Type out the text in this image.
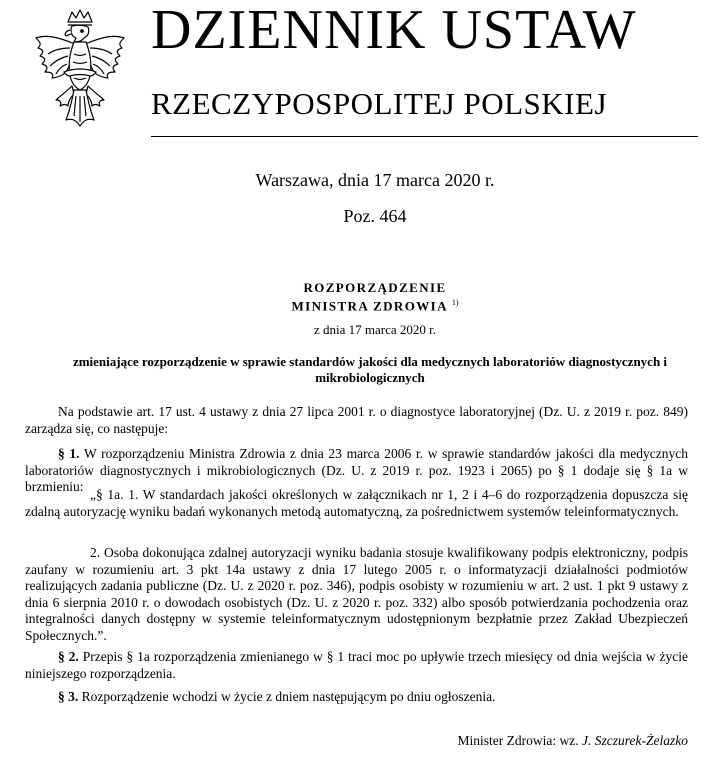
DZIENNIK USTAW
RZECZYPOSPOLITEJ POLSKIEJ
Warszawa, dnia 17 marca 2020 r.
Poz. 464
ROZPORZĄDZENIE
MINISTRA ZDROWIA $^{1)}$
z dnia 17 marca 2020 r.
zmieniające rozporządzenie w sprawie standardów jakości dla medycznych laboratoriów diagnostycznych i mikrobiologicznych
Na podstawie art. 17 ust. 4 ustawy z dnia 27 lipca 2001 r. o diagnostyce laboratoryjnej (Dz. U. z 2019 r. poz. 849) zarządza się, co następuje:
§ 1. W rozporządzeniu Ministra Zdrowia z dnia 23 marca 2006 r. w sprawie standardów jakości dla medycznych laboratoriów diagnostycznych i mikrobiologicznych (Dz. U. z 2019 r. poz. 1923 i 2065) po § 1 dodaje się § 1a w brzmieniu:
„§ 1a. 1. W standardach jakości określonych w załącznikach nr 1, 2 i 4–6 do rozporządzenia dopuszcza się zdalną autoryzację wyniku badań wykonanych metodą automatyczną, za pośrednictwem systemów teleinformatycznych.
2. Osoba dokonująca zdalnej autoryzacji wyniku badania stosuje kwalifikowany podpis elektroniczny, podpis zaufany w rozumieniu art. 3 pkt 14a ustawy z dnia 17 lutego 2005 r. o informatyzacji działalności podmiotów realizujących zadania publiczne (Dz. U. z 2020 r. poz. 346), podpis osobisty w rozumieniu w art. 2 ust. 1 pkt 9 ustawy z dnia 6 sierpnia 2010 r. o dowodach osobistych (Dz. U. z 2020 r. poz. 332) albo sposób potwierdzania pochodzenia oraz integralności danych dostępny w systemie teleinformatycznym udostępnionym bezpłatnie przez Zakład Ubezpieczeń Społecznych.”.
§ 2. Przepis § 1a rozporządzenia zmienianego w § 1 traci moc po upływie trzech miesięcy od dnia wejścia w życie niniejszego rozporządzenia.
§ 3. Rozporządzenie wchodzi w życie z dniem następującym po dniu ogłoszenia.
Minister Zdrowia: wz. J. Szczurek-Żelazko
